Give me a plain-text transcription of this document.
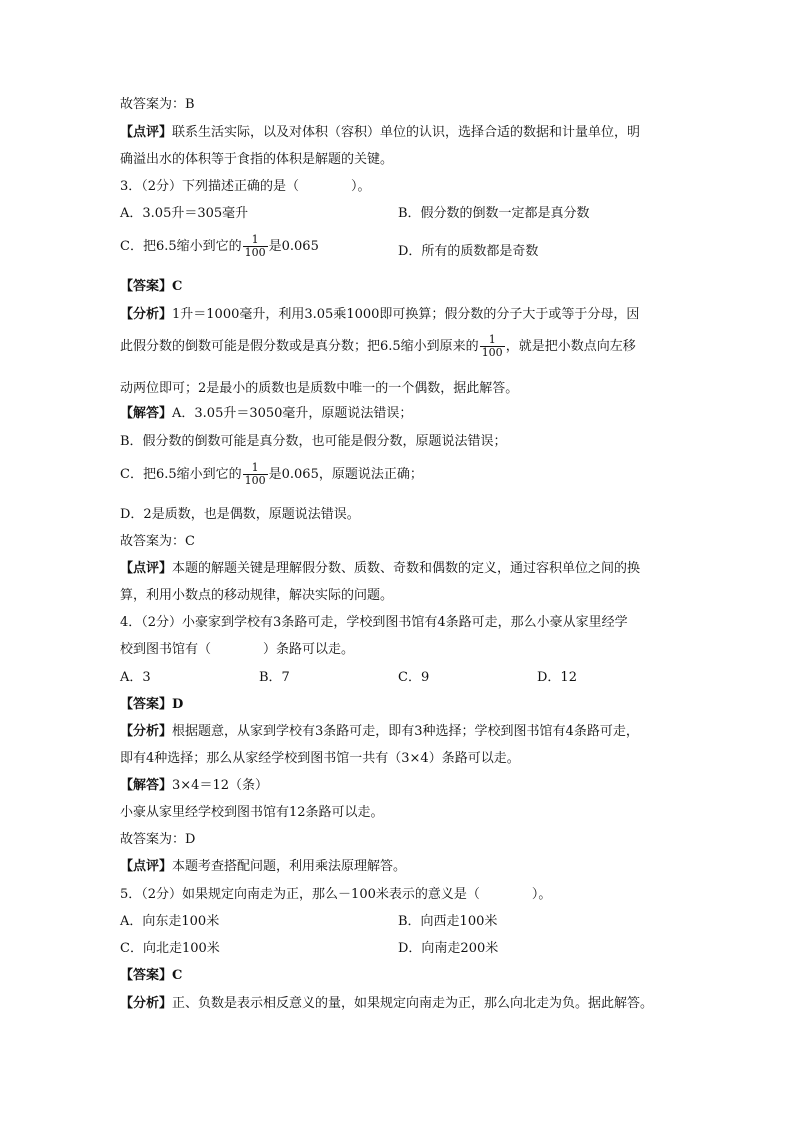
故答案为：B
【点评】联系生活实际，以及对体积（容积）单位的认识，选择合适的数据和计量单位，明
确溢出水的体积等于食指的体积是解题的关键。
3．（2分）下列描述正确的是（　　　　）。
A．3.05升＝305毫升	B．假分数的倒数一定都是真分数
C．把6.5缩小到它的 $\frac{1}{100}$ 是0.065	D．所有的质数都是奇数
【答案】C
【分析】1升＝1000毫升，利用3.05乘1000即可换算；假分数的分子大于或等于分母，因
此假分数的倒数可能是假分数或是真分数；把6.5缩小到原来的 $\frac{1}{100}$ ，就是把小数点向左移
动两位即可；2是最小的质数也是质数中唯一的一个偶数，据此解答。
【解答】A．3.05升＝3050毫升，原题说法错误；
B．假分数的倒数可能是真分数，也可能是假分数，原题说法错误；
C．把6.5缩小到它的 $\frac{1}{100}$ 是0.065，原题说法正确；
D．2是质数，也是偶数，原题说法错误。
故答案为：C
【点评】本题的解题关键是理解假分数、质数、奇数和偶数的定义，通过容积单位之间的换
算，利用小数点的移动规律，解决实际的问题。
4．（2分）小豪家到学校有3条路可走，学校到图书馆有4条路可走，那么小豪从家里经学
校到图书馆有（　　　　）条路可以走。
A．3	B．7	C．9	D．12
【答案】D
【分析】根据题意，从家到学校有3条路可走，即有3种选择；学校到图书馆有4条路可走，
即有4种选择；那么从家经学校到图书馆一共有（3×4）条路可以走。
【解答】3×4＝12（条）
小豪从家里经学校到图书馆有12条路可以走。
故答案为：D
【点评】本题考查搭配问题，利用乘法原理解答。
5．（2分）如果规定向南走为正，那么－100米表示的意义是（　　　　）。
A．向东走100米	B．向西走100米
C．向北走100米	D．向南走200米
【答案】C
【分析】正、负数是表示相反意义的量，如果规定向南走为正，那么向北走为负。据此解答。
